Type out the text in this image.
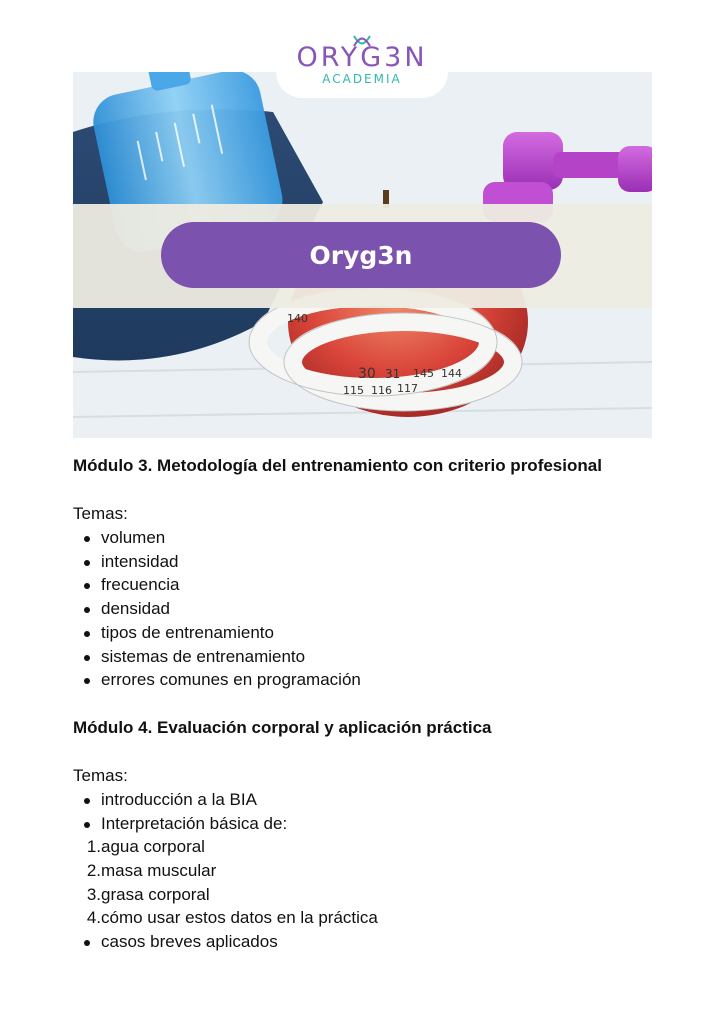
ORYG3N
ACADEMIA
140
30 31
115 116 117
145 144
Oryg3n
Módulo 3. Metodología del entrenamiento con criterio profesional
Temas:
volumen
intensidad
frecuencia
densidad
tipos de entrenamiento
sistemas de entrenamiento
errores comunes en programación
Módulo 4. Evaluación corporal y aplicación práctica
Temas:
introducción a la BIA
Interpretación básica de:
1. agua corporal
2. masa muscular
3. grasa corporal
4. cómo usar estos datos en la práctica
casos breves aplicados
